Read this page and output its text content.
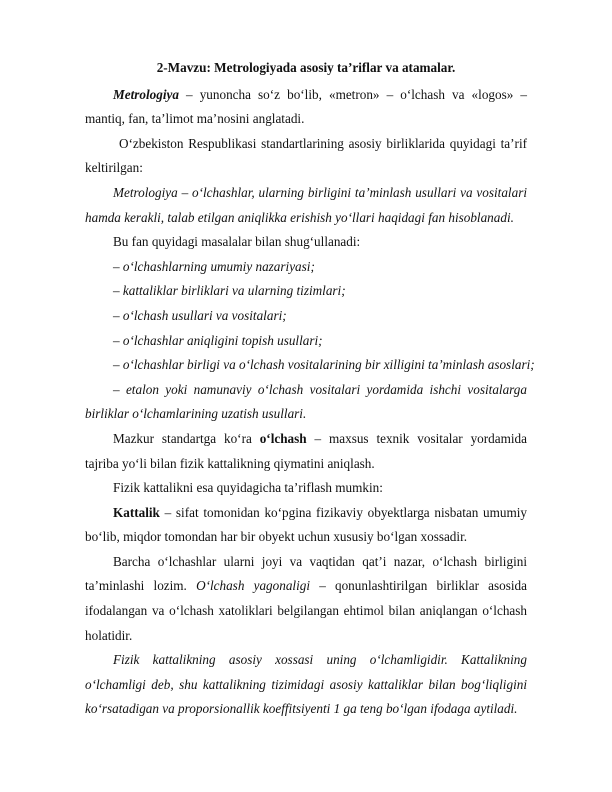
2-Mavzu: Metrologiyada asosiy ta’riflar va atamalar.

Metrologiya – yunoncha so‘z bo‘lib, «metron» – o‘lchash va «logos» – mantiq, fan, ta’limot ma’nosini anglatadi.

O‘zbekiston Respublikasi standartlarining asosiy birliklarida quyidagi ta’rif keltirilgan:

Metrologiya – o‘lchashlar, ularning birligini ta’minlash usullari va vositalari hamda kerakli, talab etilgan aniqlikka erishish yo‘llari haqidagi fan hisoblanadi.

Bu fan quyidagi masalalar bilan shug‘ullanadi:

– o‘lchashlarning umumiy nazariyasi;

– kattaliklar birliklari va ularning tizimlari;

– o‘lchash usullari va vositalari;

– o‘lchashlar aniqligini topish usullari;

– o‘lchashlar birligi va o‘lchash vositalarining bir xilligini ta’minlash asoslari;

– etalon yoki namunaviy o‘lchash vositalari yordamida ishchi vositalarga birliklar o‘lchamlarining uzatish usullari.

Mazkur standartga ko‘ra o‘lchash – maxsus texnik vositalar yordamida tajriba yo‘li bilan fizik kattalikning qiymatini aniqlash.

Fizik kattalikni esa quyidagicha ta’riflash mumkin:

Kattalik – sifat tomonidan ko‘pgina fizikaviy obyektlarga nisbatan umumiy bo‘lib, miqdor tomondan har bir obyekt uchun xususiy bo‘lgan xossadir.

Barcha o‘lchashlar ularni joyi va vaqtidan qat’i nazar, o‘lchash birligini ta’minlashi lozim. O‘lchash yagonaligi – qonunlashtirilgan birliklar asosida ifodalangan va o‘lchash xatoliklari belgilangan ehtimol bilan aniqlangan o‘lchash holatidir.

Fizik kattalikning asosiy xossasi uning o‘lchamligidir. Kattalikning o‘lchamligi deb, shu kattalikning tizimidagi asosiy kattaliklar bilan bog‘liqligini ko‘rsatadigan va proporsionallik koeffitsiyenti 1 ga teng bo‘lgan ifodaga aytiladi.
